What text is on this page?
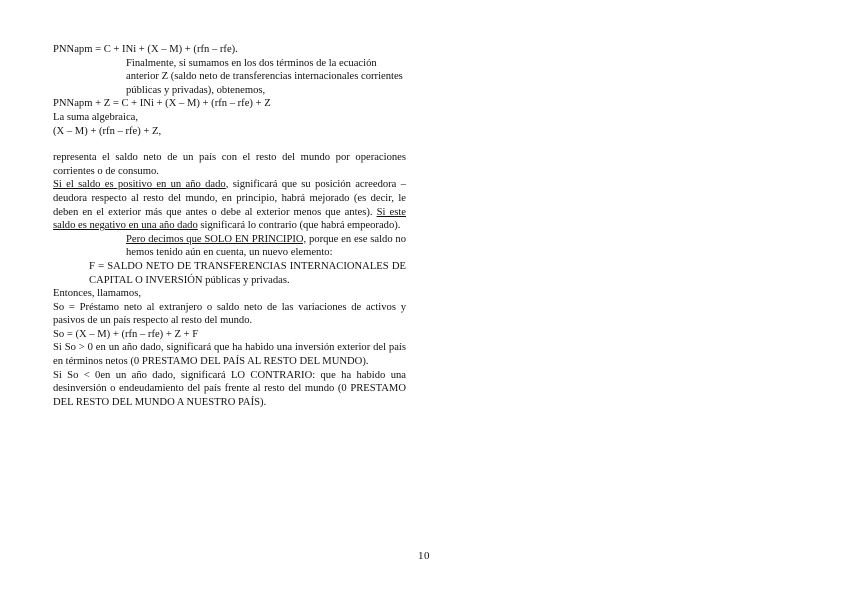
PNNapm = C + INi + (X – M) + (rfn – rfe).
Finalmente, si sumamos en los dos términos de la ecuación anterior Z (saldo neto de transferencias internacionales corrientes públicas y privadas), obtenemos,
PNNapm + Z = C + INi + (X – M) + (rfn – rfe) + Z
La suma algebraica,
(X – M) + (rfn – rfe) + Z,
representa el saldo neto de un país con el resto del mundo por operaciones corrientes o de consumo.
Si el saldo es positivo en un año dado, significará que su posición acreedora – deudora respecto al resto del mundo, en principio, habrá mejorado (es decir, le deben en el exterior más que antes o debe al exterior menos que antes). Si este saldo es negativo en una año dado significará lo contrario (que habrá empeorado).
Pero decimos que SOLO EN PRINCIPIO, porque en ese saldo no hemos tenido aún en cuenta, un nuevo elemento:
F = SALDO NETO DE TRANSFERENCIAS INTERNACIONALES DE CAPITAL O INVERSIÓN públicas y privadas.
Entonces, llamamos,
So = Préstamo neto al extranjero o saldo neto de las variaciones de activos y pasivos de un país respecto al resto del mundo.
So = (X – M) + (rfn – rfe) + Z + F
Si So > 0 en un año dado, significará que ha habido una inversión exterior del país en términos netos (0 PRESTAMO DEL PAÍS AL RESTO DEL MUNDO).
Si So < 0en un año dado, significará LO CONTRARIO: que ha habido una desinversión o endeudamiento del país frente al resto del mundo (0 PRESTAMO DEL RESTO DEL MUNDO A NUESTRO PAÍS).
10
